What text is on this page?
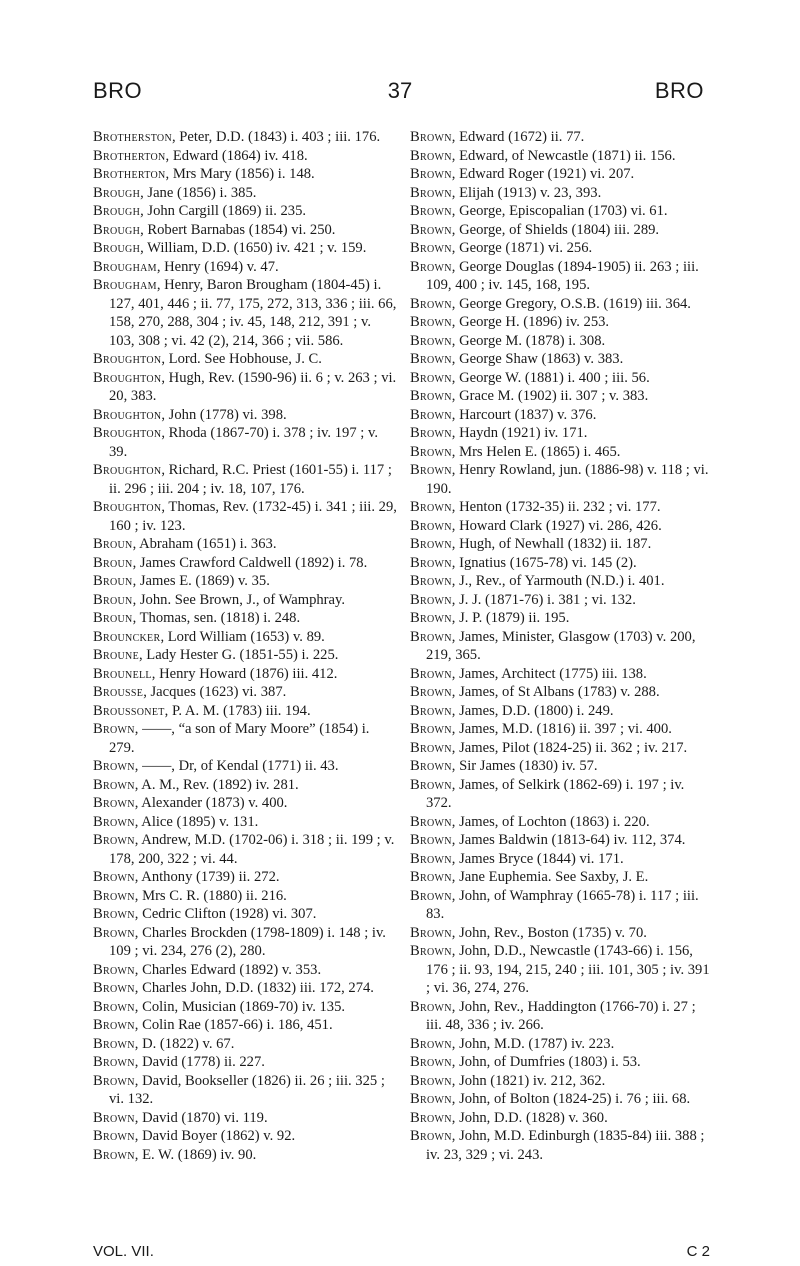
BRO	37	BRO

Brotherston, Peter, D.D. (1843) i. 403 ; iii. 176.

Brotherton, Edward (1864) iv. 418.

Brotherton, Mrs Mary (1856) i. 148.

Brough, Jane (1856) i. 385.

Brough, John Cargill (1869) ii. 235.

Brough, Robert Barnabas (1854) vi. 250.

Brough, William, D.D. (1650) iv. 421 ; v. 159.

Brougham, Henry (1694) v. 47.

Brougham, Henry, Baron Brougham (1804-45) i. 127, 401, 446 ; ii. 77, 175, 272, 313, 336 ; iii. 66, 158, 270, 288, 304 ; iv. 45, 148, 212, 391 ; v. 103, 308 ; vi. 42 (2), 214, 366 ; vii. 586.

Broughton, Lord. See Hobhouse, J. C.

Broughton, Hugh, Rev. (1590-96) ii. 6 ; v. 263 ; vi. 20, 383.

Broughton, John (1778) vi. 398.

Broughton, Rhoda (1867-70) i. 378 ; iv. 197 ; v. 39.

Broughton, Richard, R.C. Priest (1601-55) i. 117 ; ii. 296 ; iii. 204 ; iv. 18, 107, 176.

Broughton, Thomas, Rev. (1732-45) i. 341 ; iii. 29, 160 ; iv. 123.

Broun, Abraham (1651) i. 363.

Broun, James Crawford Caldwell (1892) i. 78.

Broun, James E. (1869) v. 35.

Broun, John. See Brown, J., of Wamphray.

Broun, Thomas, sen. (1818) i. 248.

Brouncker, Lord William (1653) v. 89.

Broune, Lady Hester G. (1851-55) i. 225.

Brounell, Henry Howard (1876) iii. 412.

Brousse, Jacques (1623) vi. 387.

Broussonet, P. A. M. (1783) iii. 194.

Brown, ——, “a son of Mary Moore” (1854) i. 279.

Brown, ——, Dr, of Kendal (1771) ii. 43.

Brown, A. M., Rev. (1892) iv. 281.

Brown, Alexander (1873) v. 400.

Brown, Alice (1895) v. 131.

Brown, Andrew, M.D. (1702-06) i. 318 ; ii. 199 ; v. 178, 200, 322 ; vi. 44.

Brown, Anthony (1739) ii. 272.

Brown, Mrs C. R. (1880) ii. 216.

Brown, Cedric Clifton (1928) vi. 307.

Brown, Charles Brockden (1798-1809) i. 148 ; iv. 109 ; vi. 234, 276 (2), 280.

Brown, Charles Edward (1892) v. 353.

Brown, Charles John, D.D. (1832) iii. 172, 274.

Brown, Colin, Musician (1869-70) iv. 135.

Brown, Colin Rae (1857-66) i. 186, 451.

Brown, D. (1822) v. 67.

Brown, David (1778) ii. 227.

Brown, David, Bookseller (1826) ii. 26 ; iii. 325 ; vi. 132.

Brown, David (1870) vi. 119.

Brown, David Boyer (1862) v. 92.

Brown, E. W. (1869) iv. 90.

Brown, Edward (1672) ii. 77.

Brown, Edward, of Newcastle (1871) ii. 156.

Brown, Edward Roger (1921) vi. 207.

Brown, Elijah (1913) v. 23, 393.

Brown, George, Episcopalian (1703) vi. 61.

Brown, George, of Shields (1804) iii. 289.

Brown, George (1871) vi. 256.

Brown, George Douglas (1894-1905) ii. 263 ; iii. 109, 400 ; iv. 145, 168, 195.

Brown, George Gregory, O.S.B. (1619) iii. 364.

Brown, George H. (1896) iv. 253.

Brown, George M. (1878) i. 308.

Brown, George Shaw (1863) v. 383.

Brown, George W. (1881) i. 400 ; iii. 56.

Brown, Grace M. (1902) ii. 307 ; v. 383.

Brown, Harcourt (1837) v. 376.

Brown, Haydn (1921) iv. 171.

Brown, Mrs Helen E. (1865) i. 465.

Brown, Henry Rowland, jun. (1886-98) v. 118 ; vi. 190.

Brown, Henton (1732-35) ii. 232 ; vi. 177.

Brown, Howard Clark (1927) vi. 286, 426.

Brown, Hugh, of Newhall (1832) ii. 187.

Brown, Ignatius (1675-78) vi. 145 (2).

Brown, J., Rev., of Yarmouth (N.D.) i. 401.

Brown, J. J. (1871-76) i. 381 ; vi. 132.

Brown, J. P. (1879) ii. 195.

Brown, James, Minister, Glasgow (1703) v. 200, 219, 365.

Brown, James, Architect (1775) iii. 138.

Brown, James, of St Albans (1783) v. 288.

Brown, James, D.D. (1800) i. 249.

Brown, James, M.D. (1816) ii. 397 ; vi. 400.

Brown, James, Pilot (1824-25) ii. 362 ; iv. 217.

Brown, Sir James (1830) iv. 57.

Brown, James, of Selkirk (1862-69) i. 197 ; iv. 372.

Brown, James, of Lochton (1863) i. 220.

Brown, James Baldwin (1813-64) iv. 112, 374.

Brown, James Bryce (1844) vi. 171.

Brown, Jane Euphemia. See Saxby, J. E.

Brown, John, of Wamphray (1665-78) i. 117 ; iii. 83.

Brown, John, Rev., Boston (1735) v. 70.

Brown, John, D.D., Newcastle (1743-66) i. 156, 176 ; ii. 93, 194, 215, 240 ; iii. 101, 305 ; iv. 391 ; vi. 36, 274, 276.

Brown, John, Rev., Haddington (1766-70) i. 27 ; iii. 48, 336 ; iv. 266.

Brown, John, M.D. (1787) iv. 223.

Brown, John, of Dumfries (1803) i. 53.

Brown, John (1821) iv. 212, 362.

Brown, John, of Bolton (1824-25) i. 76 ; iii. 68.

Brown, John, D.D. (1828) v. 360.

Brown, John, M.D. Edinburgh (1835-84) iii. 388 ; iv. 23, 329 ; vi. 243.

VOL. VII.	C 2
